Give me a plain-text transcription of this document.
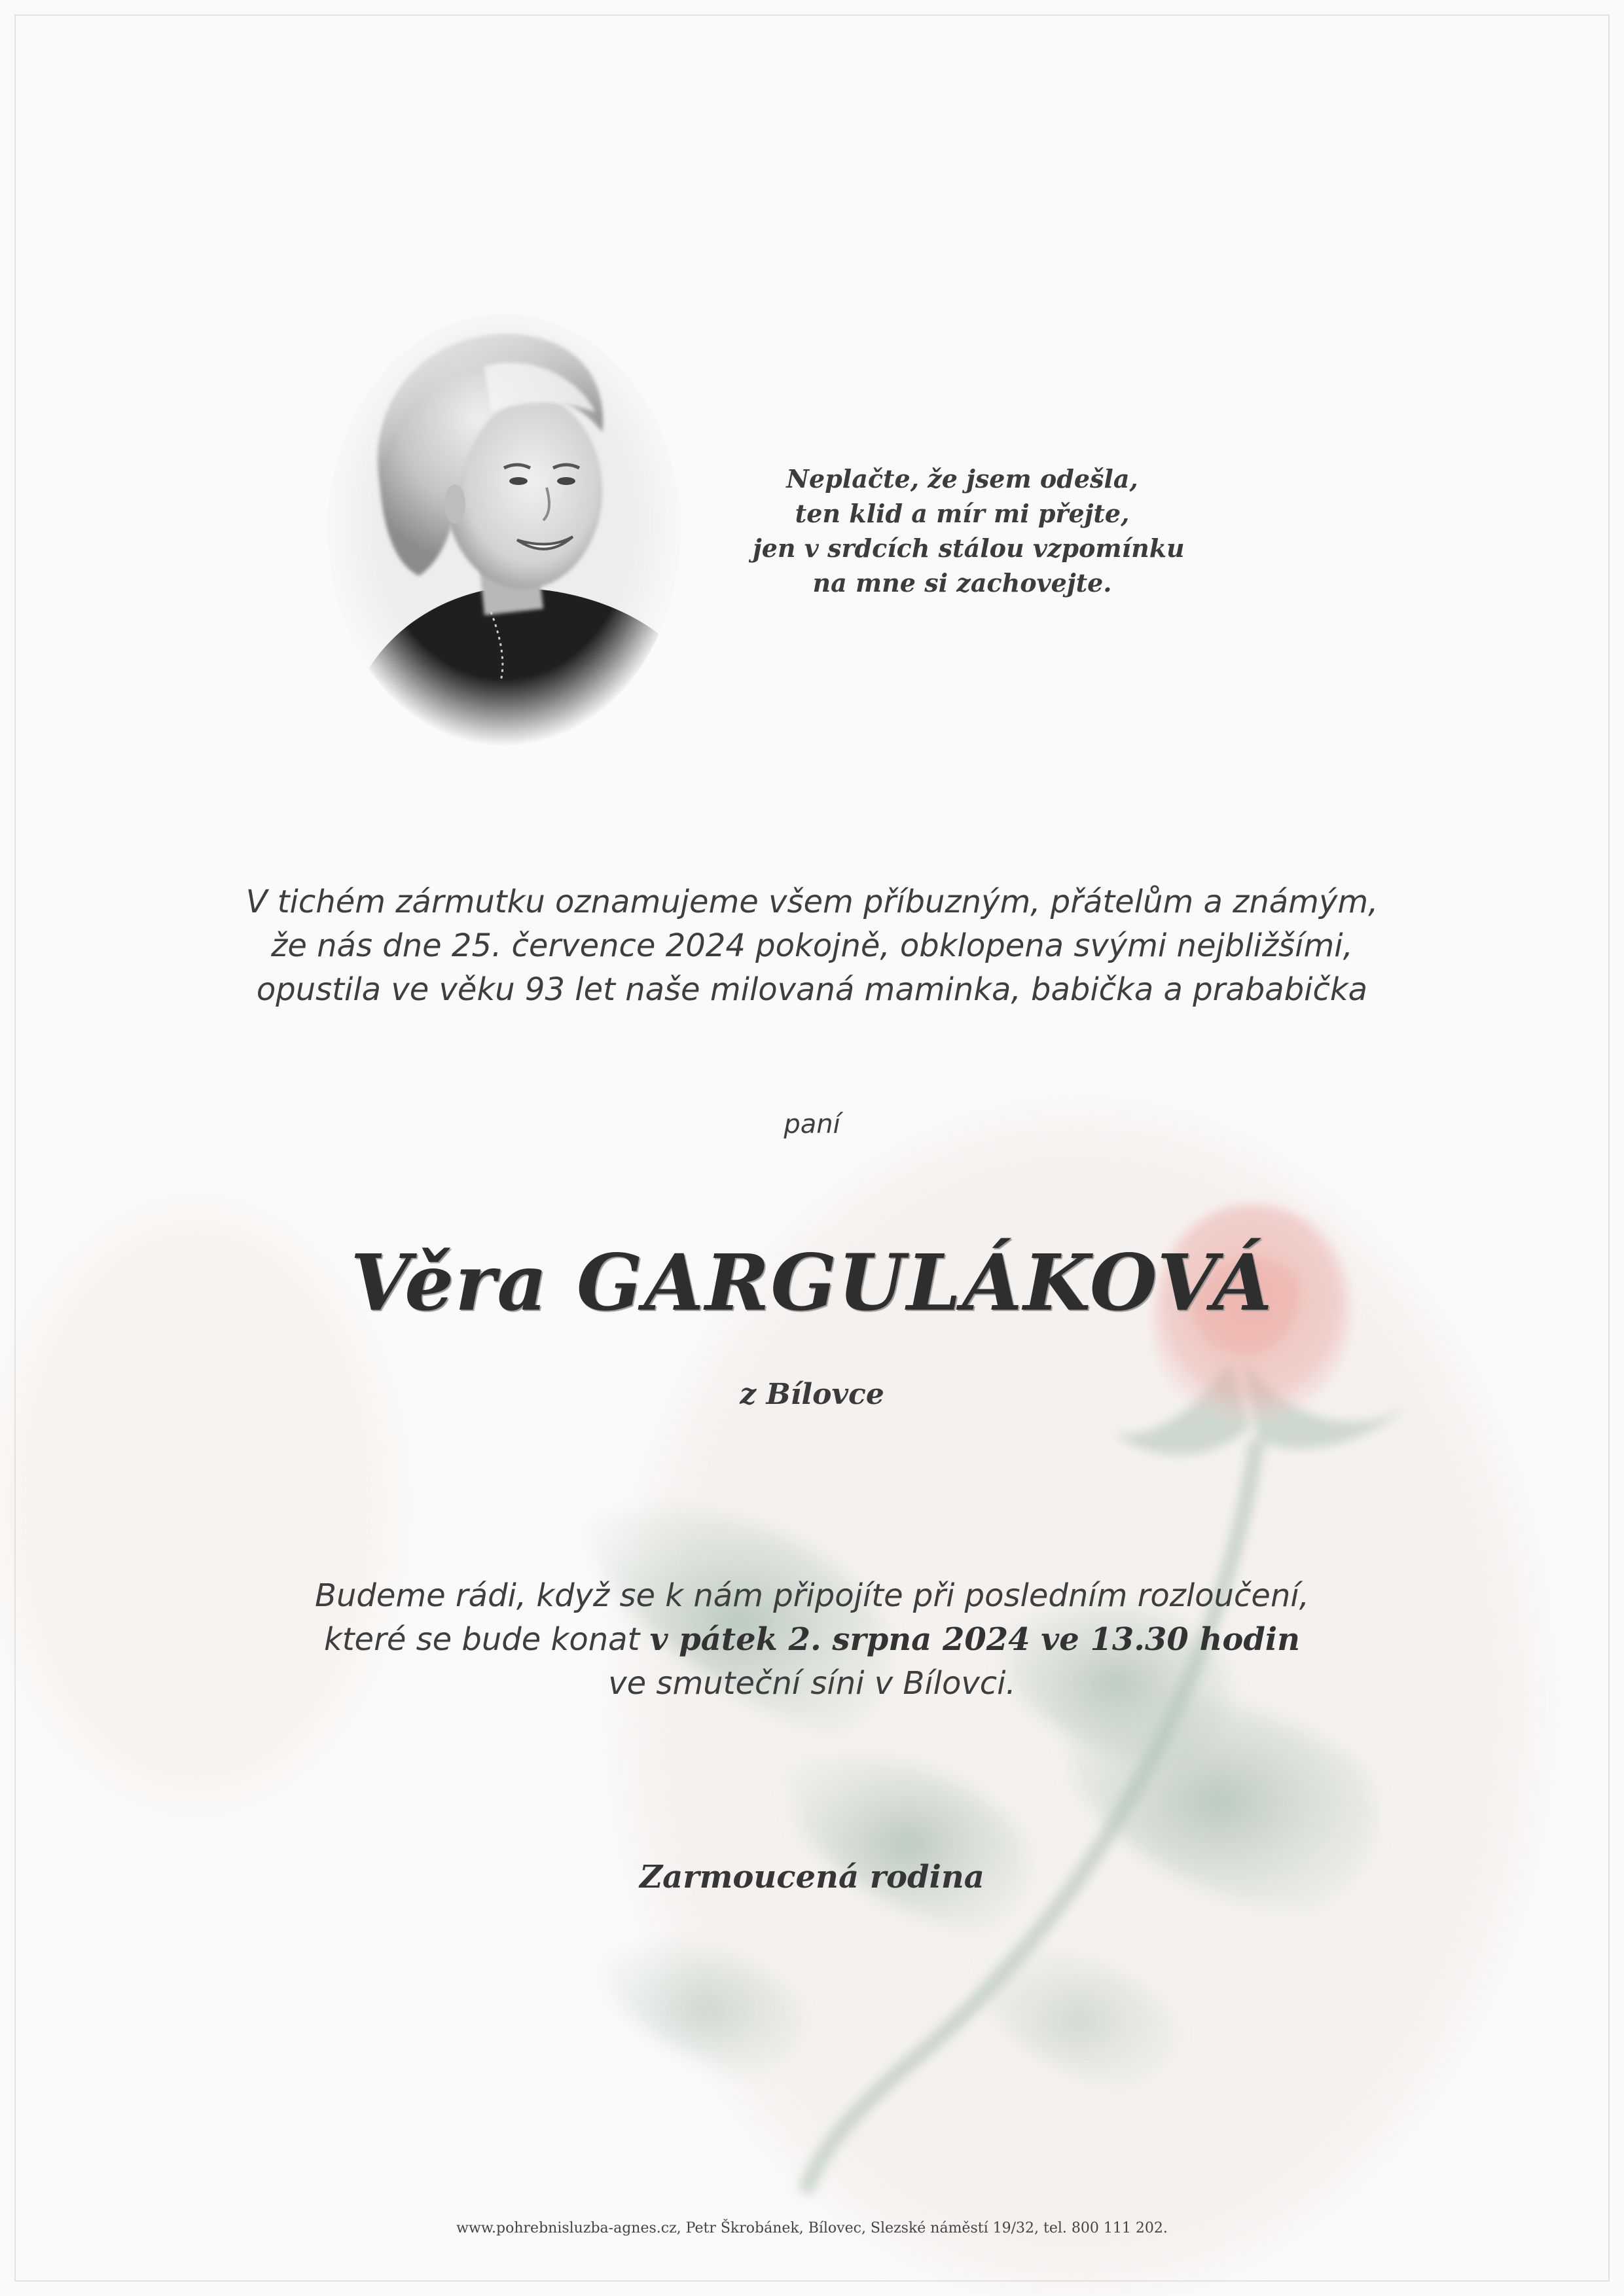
Neplačte, že jsem odešla,
ten klid a mír mi přejte,
jen v srdcích stálou vzpomínku
na mne si zachovejte.
V tichém zármutku oznamujeme všem příbuzným, přátelům a známým,
že nás dne 25. července 2024 pokojně, obklopena svými nejbližšími,
opustila ve věku 93 let naše milovaná maminka, babička a prababička
paní
Věra GARGULÁKOVÁ
z Bílovce
Budeme rádi, když se k nám připojíte při posledním rozloučení,
které se bude konat v pátek 2. srpna 2024 ve 13.30 hodin
ve smuteční síni v Bílovci.
Zarmoucená rodina
www.pohrebnisluzba-agnes.cz, Petr Škrobánek, Bílovec, Slezské náměstí 19/32, tel. 800 111 202.
